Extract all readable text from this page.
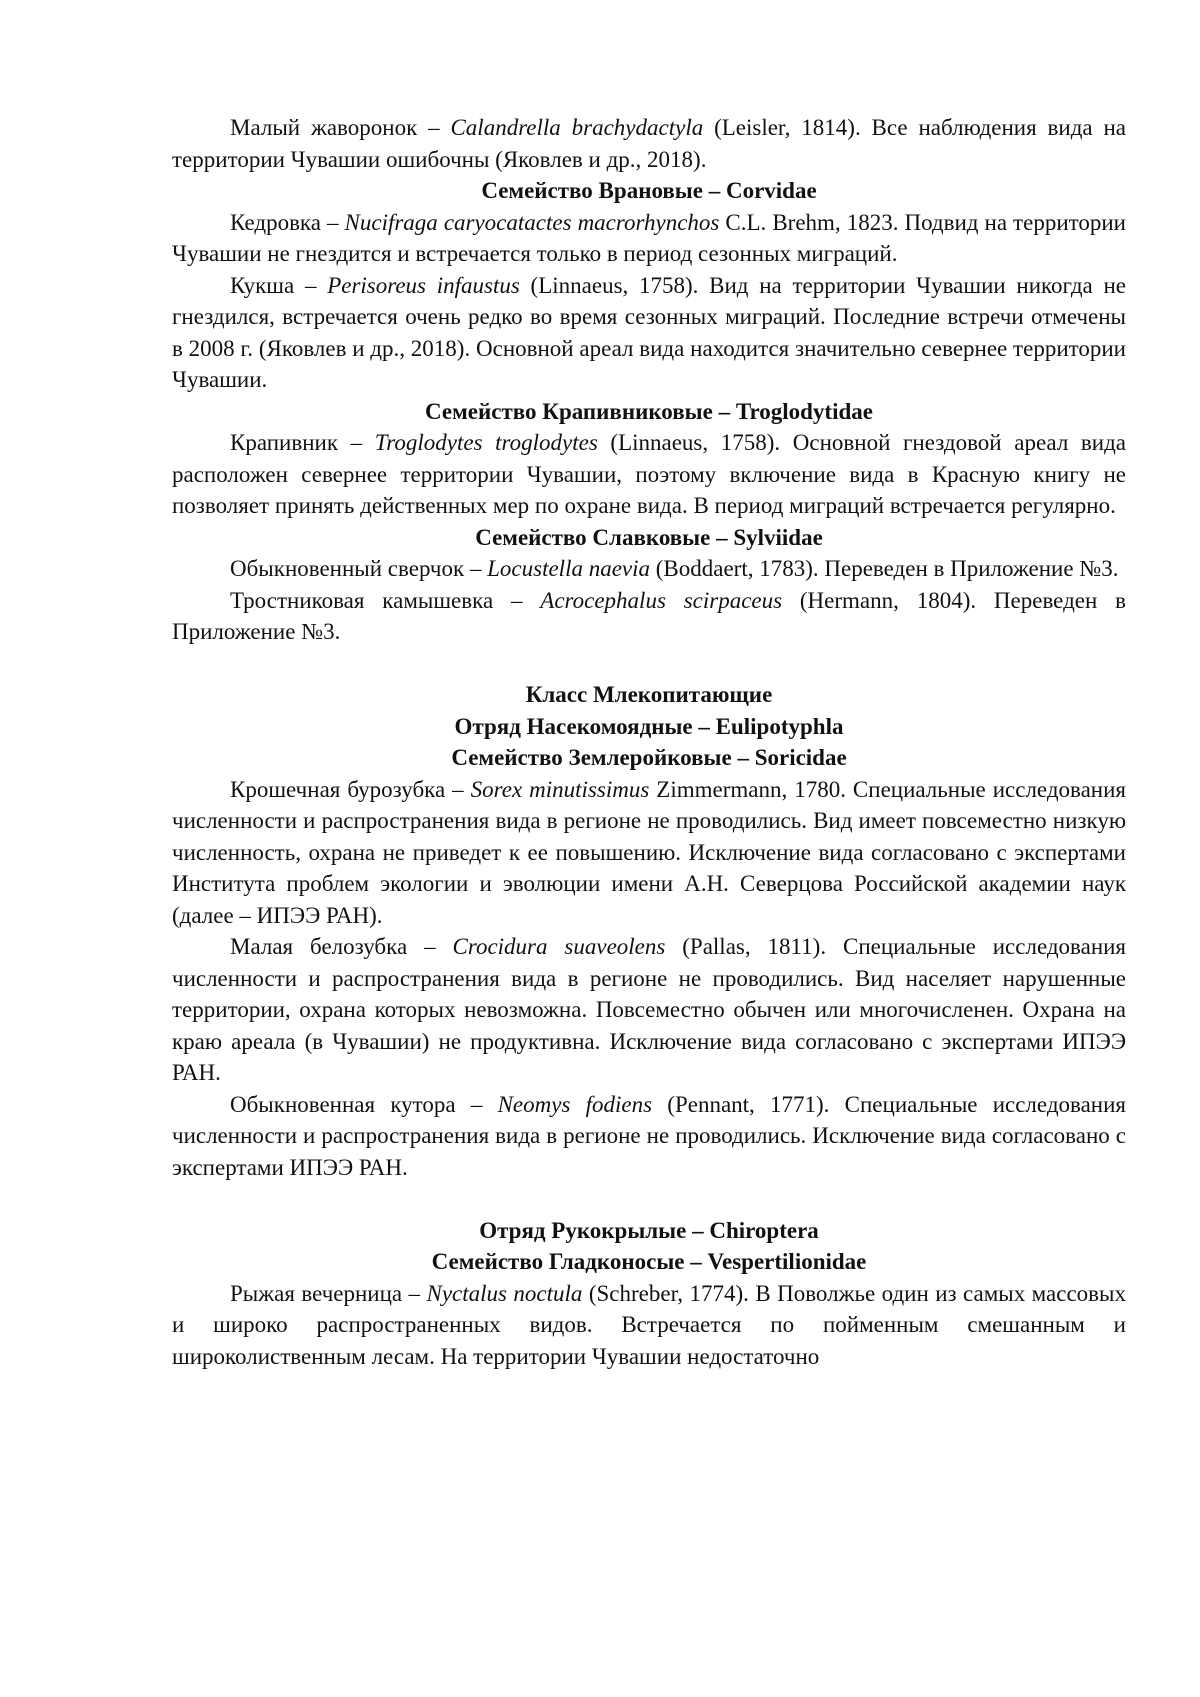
Малый жаворонок – Calandrella brachydactyla (Leisler, 1814). Все наблюдения вида на территории Чувашии ошибочны (Яковлев и др., 2018).

Семейство Врановые – Corvidae

Кедровка – Nucifraga caryocatactes macrorhynchos C.L. Brehm, 1823. Подвид на территории Чувашии не гнездится и встречается только в период сезонных миграций.

Кукша – Perisoreus infaustus (Linnaeus, 1758). Вид на территории Чувашии никогда не гнездился, встречается очень редко во время сезонных миграций. Последние встречи отмечены в 2008 г. (Яковлев и др., 2018). Основной ареал вида находится значительно севернее территории Чувашии.

Семейство Крапивниковые – Troglodytidae

Крапивник – Troglodytes troglodytes (Linnaeus, 1758). Основной гнездовой ареал вида расположен севернее территории Чувашии, поэтому включение вида в Красную книгу не позволяет принять действенных мер по охране вида. В период миграций встречается регулярно.

Семейство Славковые – Sylviidae

Обыкновенный сверчок – Locustella naevia (Boddaert, 1783). Переведен в Приложение №3.

Тростниковая камышевка – Acrocephalus scirpaceus (Hermann, 1804). Переведен в Приложение №3.

Класс Млекопитающие

Отряд Насекомоядные – Eulipotyphla

Семейство Землеройковые – Soricidae

Крошечная бурозубка – Sorex minutissimus Zimmermann, 1780. Специальные исследования численности и распространения вида в регионе не проводились. Вид имеет повсеместно низкую численность, охрана не приведет к ее повышению. Исключение вида согласовано с экспертами Института проблем экологии и эволюции имени А.Н. Северцова Российской академии наук (далее – ИПЭЭ РАН).

Малая белозубка – Crocidura suaveolens (Pallas, 1811). Специальные исследования численности и распространения вида в регионе не проводились. Вид населяет нарушенные территории, охрана которых невозможна. Повсеместно обычен или многочисленен. Охрана на краю ареала (в Чувашии) не продуктивна. Исключение вида согласовано с экспертами ИПЭЭ РАН.

Обыкновенная кутора – Neomys fodiens (Pennant, 1771). Специальные исследования численности и распространения вида в регионе не проводились. Исключение вида согласовано с экспертами ИПЭЭ РАН.

Отряд Рукокрылые – Chiroptera

Семейство Гладконосые – Vespertilionidae

Рыжая вечерница – Nyctalus noctula (Schreber, 1774). В Поволжье один из самых массовых и широко распространенных видов. Встречается по пойменным смешанным и широколиственным лесам. На территории Чувашии недостаточно
